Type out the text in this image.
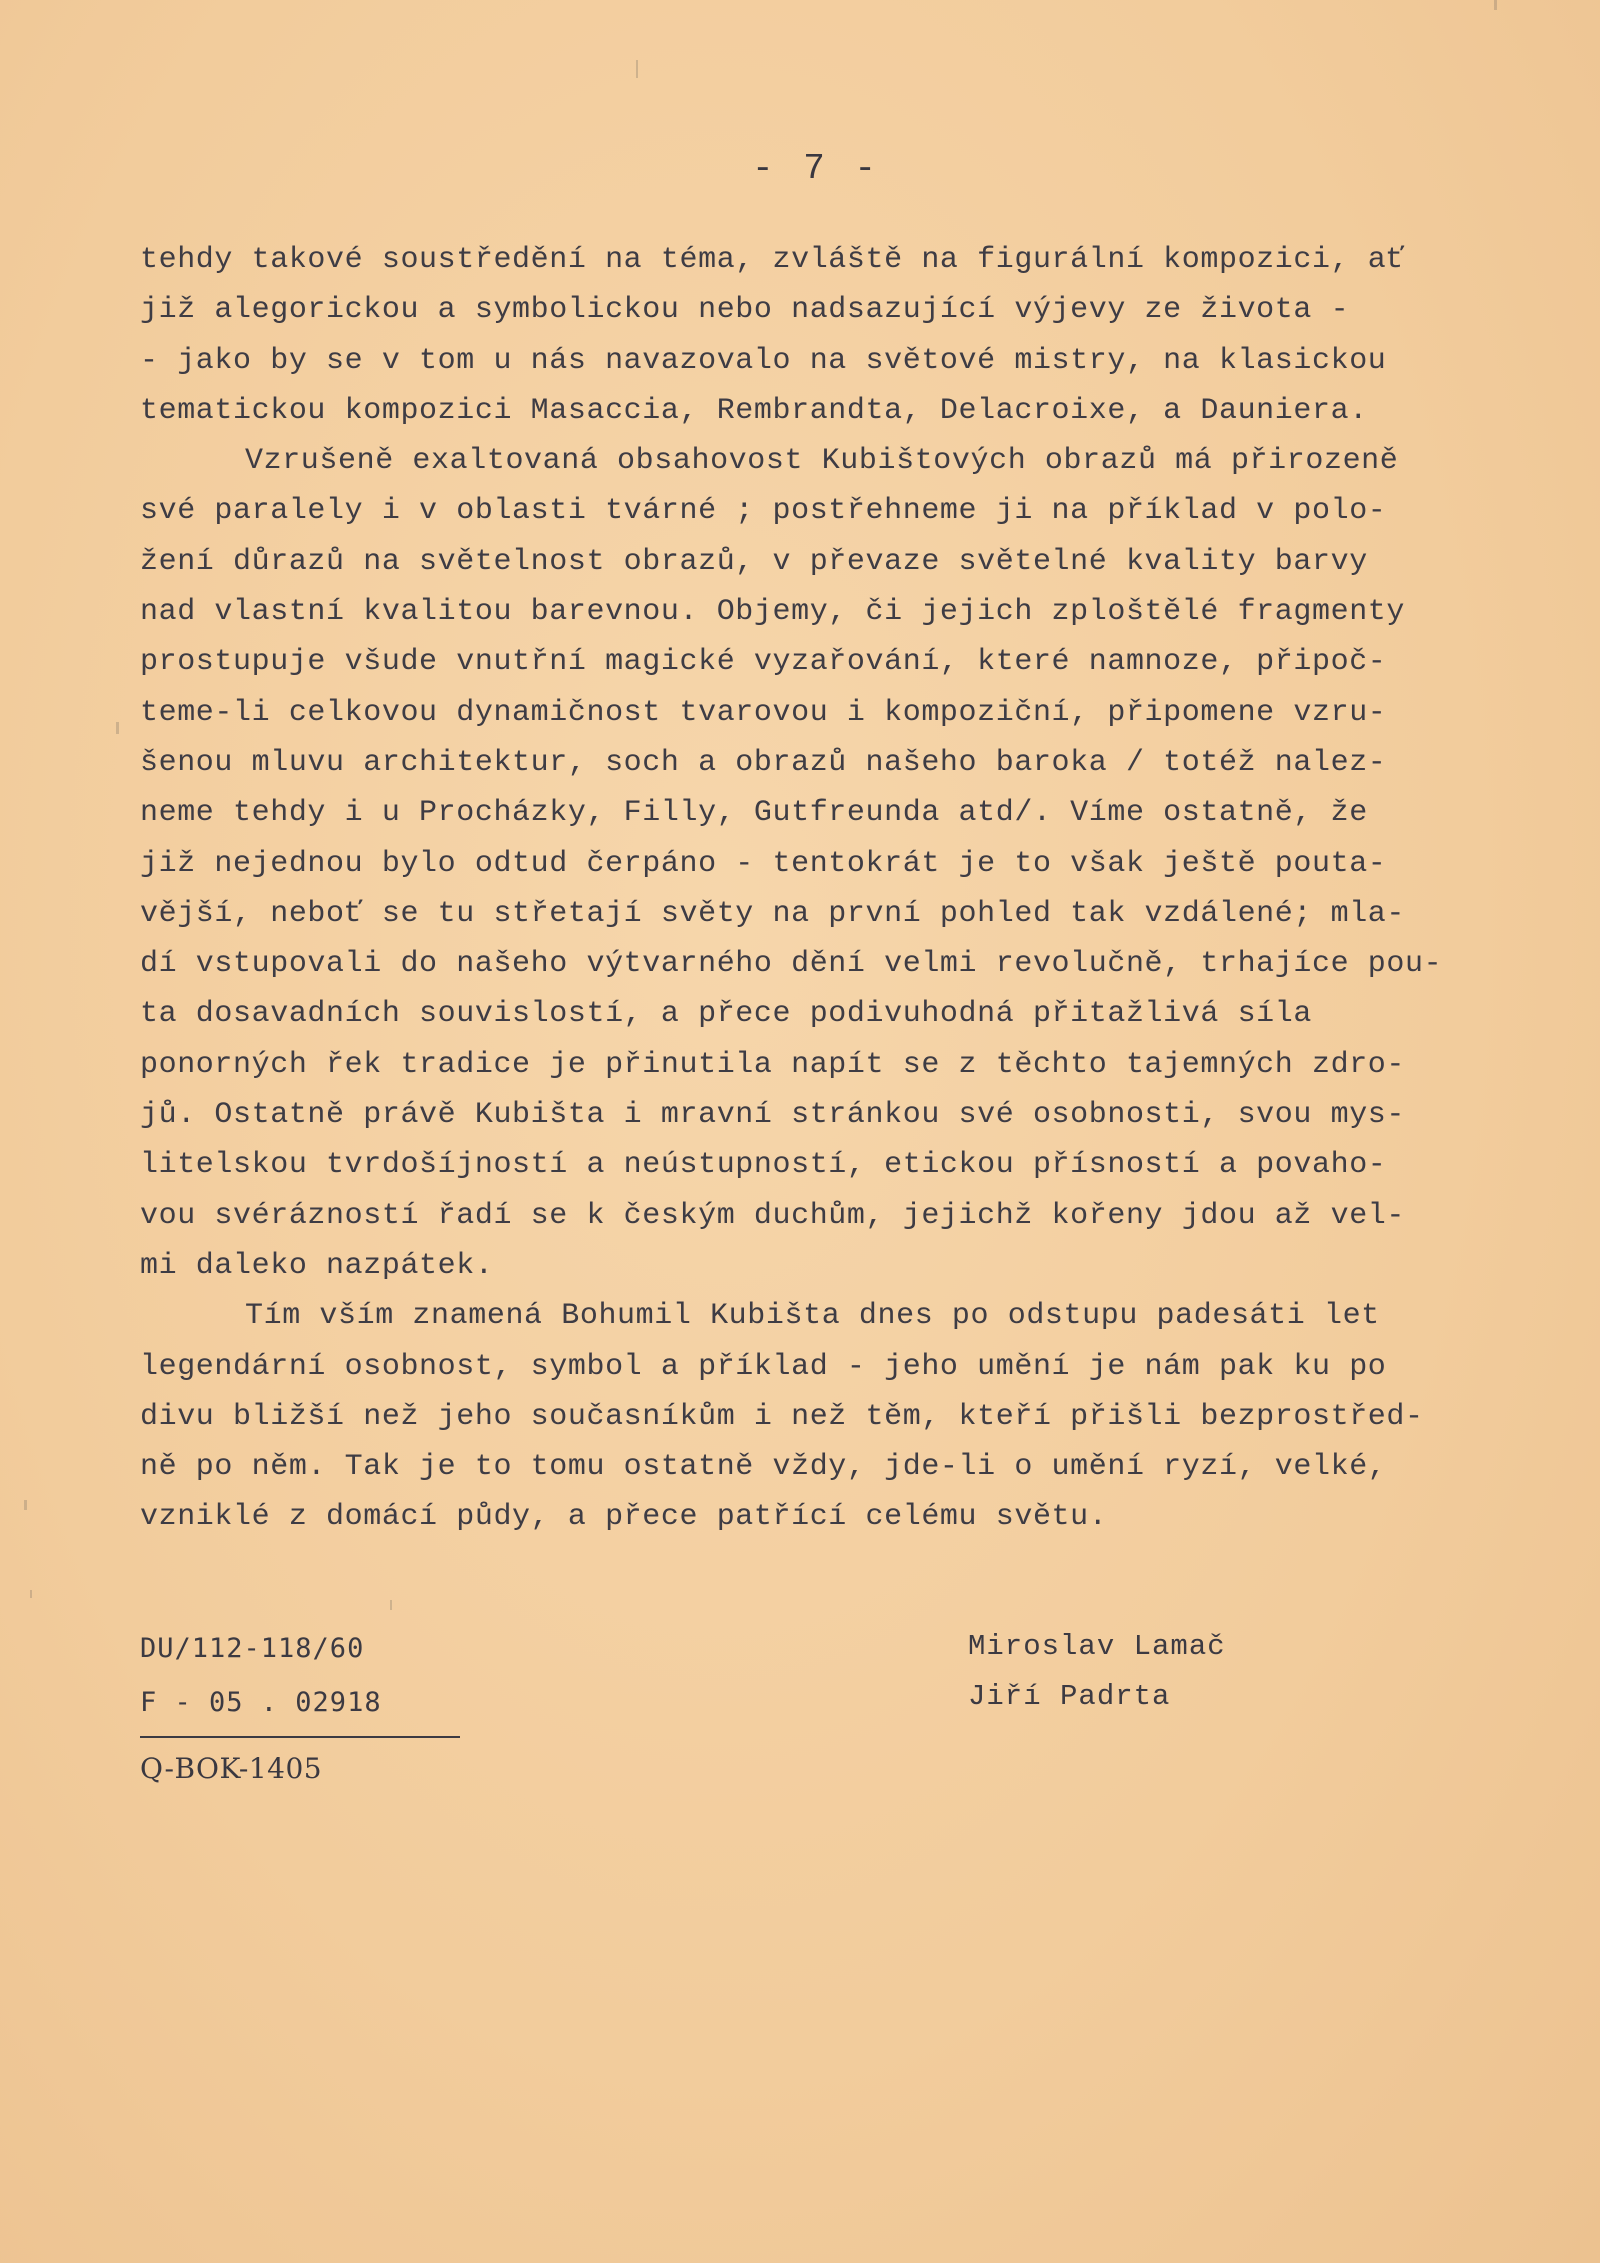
- 7 -
tehdy takové soustředění na téma, zvláště na figurální kompozici, ať
již alegorickou a symbolickou nebo nadsazující výjevy ze života -
- jako by se v tom u nás navazovalo na světové mistry, na klasickou
tematickou kompozici Masaccia, Rembrandta, Delacroixe, a Dauniera.
Vzrušeně exaltovaná obsahovost Kubištových obrazů má přirozeně
své paralely i v oblasti tvárné ; postřehneme ji na příklad v polo-
žení důrazů na světelnost obrazů, v převaze světelné kvality barvy
nad vlastní kvalitou barevnou. Objemy, či jejich zploštělé fragmenty
prostupuje všude vnutřní magické vyzařování, které namnoze, připoč-
teme-li celkovou dynamičnost tvarovou i kompoziční, připomene vzru-
šenou mluvu architektur, soch a obrazů našeho baroka / totéž nalez-
neme tehdy i u Procházky, Filly, Gutfreunda atd/. Víme ostatně, že
již nejednou bylo odtud čerpáno - tentokrát je to však ještě pouta-
vější, neboť se tu střetají světy na první pohled tak vzdálené; mla-
dí vstupovali do našeho výtvarného dění velmi revolučně, trhajíce pou-
ta dosavadních souvislostí, a přece podivuhodná přitažlivá síla
ponorných řek tradice je přinutila napít se z těchto tajemných zdro-
jů. Ostatně právě Kubišta i mravní stránkou své osobnosti, svou mys-
litelskou tvrdošíjností a neústupností, etickou přísností a povaho-
vou svérázností řadí se k českým duchům, jejichž kořeny jdou až vel-
mi daleko nazpátek.
Tím vším znamená Bohumil Kubišta dnes po odstupu padesáti let
legendární osobnost, symbol a příklad - jeho umění je nám pak ku po
divu bližší než jeho současníkům i než těm, kteří přišli bezprostřed-
ně po něm. Tak je to tomu ostatně vždy, jde-li o umění ryzí, velké,
vzniklé z domácí půdy, a přece patřící celému světu.
DU/112-118/60
F - 05 . 02918
Q-BOK-1405
Miroslav Lamač
Jiří Padrta
